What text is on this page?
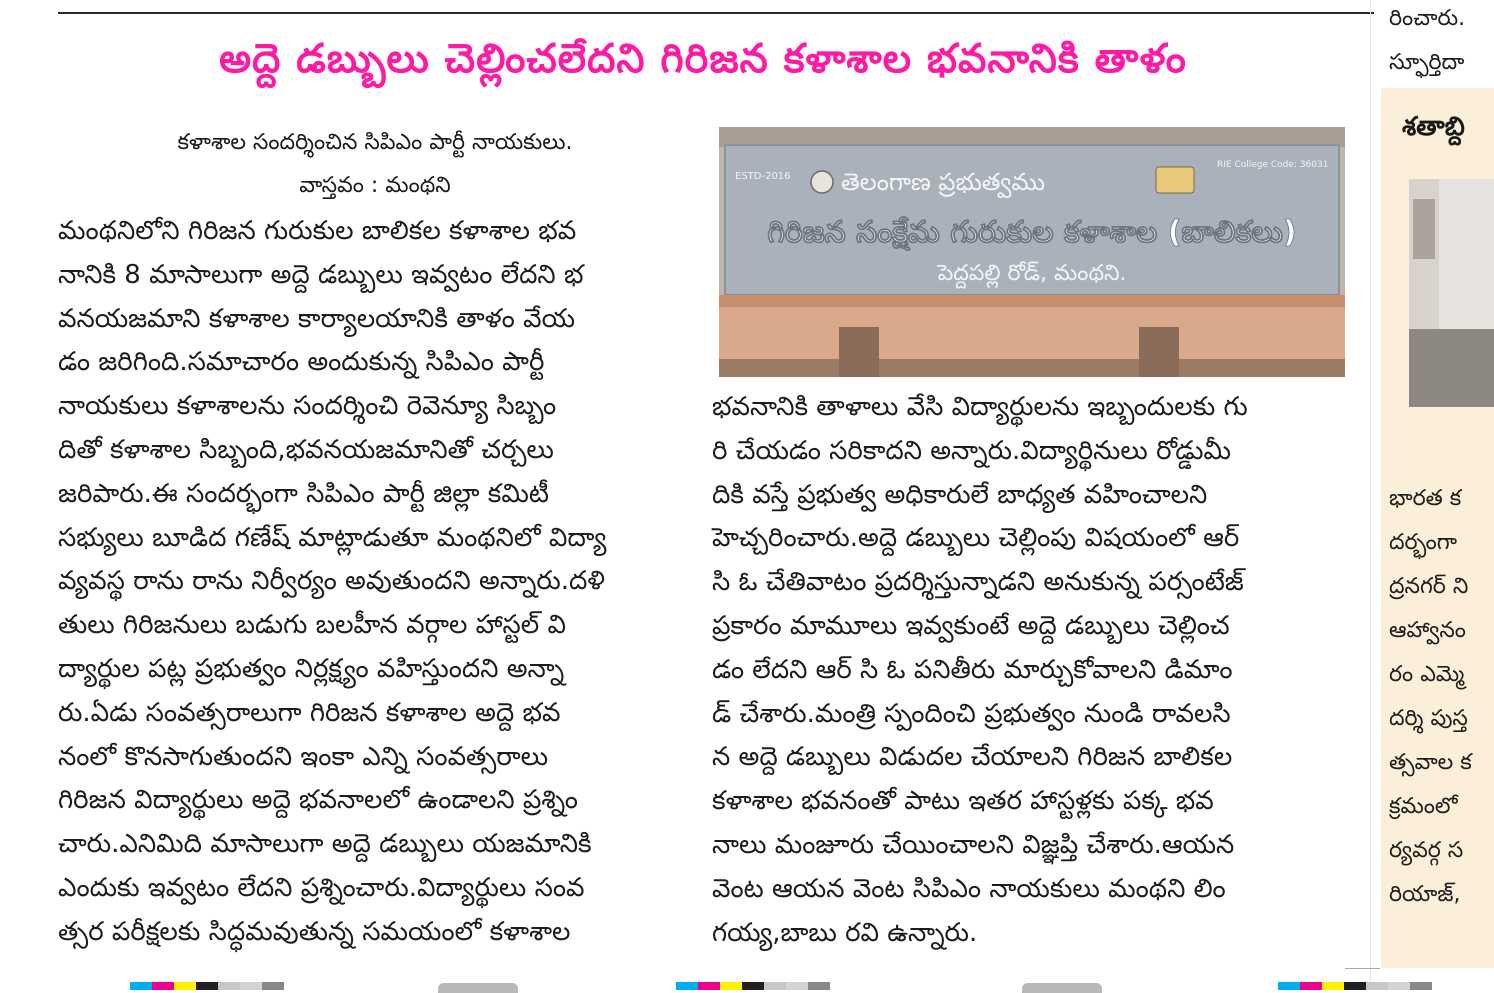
అద్దె డబ్బులు చెల్లించలేదని గిరిజన కళాశాల భవనానికి తాళం
కళాశాల సందర్శించిన సిపిఎం పార్టీ నాయకులు.
వాస్తవం : మంథని
మంథనిలోని గిరిజన గురుకుల బాలికల కళాశాల భవ
నానికి 8 మాసాలుగా అద్దె డబ్బులు ఇవ్వటం లేదని భ
వనయజమాని కళాశాల కార్యాలయానికి తాళం వేయ
డం జరిగింది.సమాచారం అందుకున్న సిపిఎం పార్టీ
నాయకులు కళాశాలను సందర్శించి రెవెన్యూ సిబ్బం
దితో కళాశాల సిబ్బంది,భవనయజమానితో చర్చలు
జరిపారు.ఈ సందర్భంగా సిపిఎం పార్టీ జిల్లా కమిటీ
సభ్యులు బూడిద గణేష్ మాట్లాడుతూ మంథనిలో విద్యా
వ్యవస్థ రాను రాను నిర్వీర్యం అవుతుందని అన్నారు.దళి
తులు గిరిజనులు బడుగు బలహీన వర్గాల హాస్టల్ వి
ద్యార్థుల పట్ల ప్రభుత్వం నిర్లక్ష్యం వహిస్తుందని అన్నా
రు.ఏడు సంవత్సరాలుగా గిరిజన కళాశాల అద్దె భవ
నంలో కొనసాగుతుందని ఇంకా ఎన్ని సంవత్సరాలు
గిరిజన విద్యార్థులు అద్దె భవనాలలో ఉండాలని ప్రశ్నిం
చారు.ఎనిమిది మాసాలుగా అద్దె డబ్బులు యజమానికి
ఎందుకు ఇవ్వటం లేదని ప్రశ్నించారు.విద్యార్థులు సంవ
త్సర పరీక్షలకు సిద్ధమవుతున్న సమయంలో కళాశాల
ESTD-2016
RIE College Code: 36031
తెలంగాణ ప్రభుత్వము
గిరిజన సంక్షేమ గురుకుల కళాశాల (బాలికలు)
పెద్దపల్లి రోడ్, మంథని.
భవనానికి తాళాలు వేసి విద్యార్థులను ఇబ్బందులకు గు
రి చేయడం సరికాదని అన్నారు.విద్యార్థినులు రోడ్డుమీ
దికి వస్తే ప్రభుత్వ అధికారులే బాధ్యత వహించాలని
హెచ్చరించారు.అద్దె డబ్బులు చెల్లింపు విషయంలో ఆర్
సి ఓ చేతివాటం ప్రదర్శిస్తున్నాడని అనుకున్న పర్సంటేజ్
ప్రకారం మామూలు ఇవ్వకుంటే అద్దె డబ్బులు చెల్లించ
డం లేదని ఆర్ సి ఓ పనితీరు మార్చుకోవాలని డిమాం
డ్ చేశారు.మంత్రి స్పందించి ప్రభుత్వం నుండి రావలసి
న అద్దె డబ్బులు విడుదల చేయాలని గిరిజన బాలికల
కళాశాల భవనంతో పాటు ఇతర హాస్టళ్లకు పక్క భవ
నాలు మంజూరు చేయించాలని విజ్ఞప్తి చేశారు.ఆయన
వెంట ఆయన వెంట సిపిఎం నాయకులు మంథని లిం
గయ్య,బాబు రవి ఉన్నారు.
రించారు.
స్ఫూర్తిదా
శతాబ్ది
భారత క
దర్భంగా
ద్రనగర్ ని
ఆహ్వానం
రం ఎమ్మె
దర్శి పుస్త
త్సవాల క
క్రమంలో
ర్యవర్గ స
రియాజ్,
